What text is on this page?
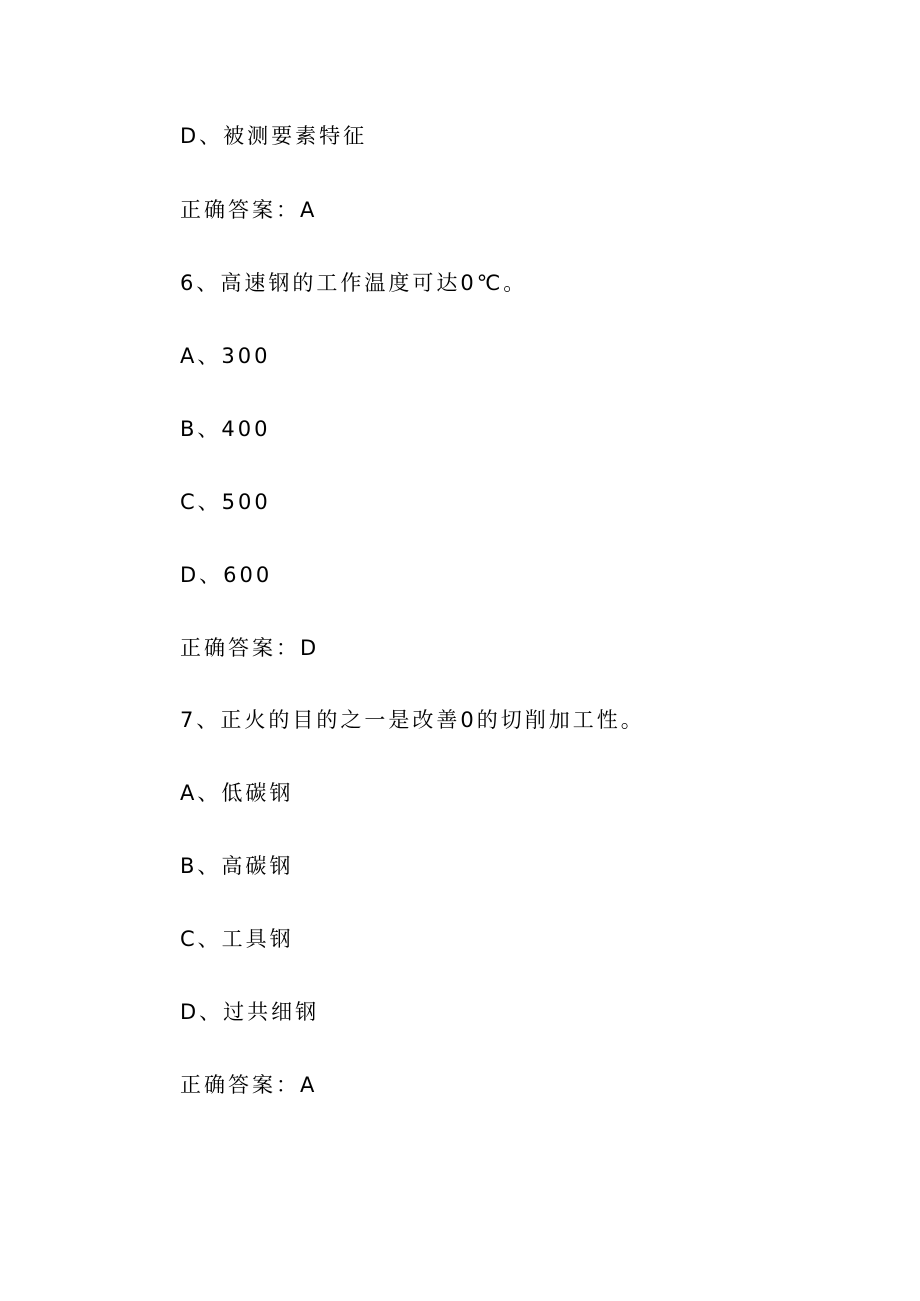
D、被测要素特征
正确答案：A
6、高速钢的工作温度可达0℃。
A、300
B、400
C、500
D、600
正确答案：D
7、正火的目的之一是改善0的切削加工性。
A、低碳钢
B、高碳钢
C、工具钢
D、过共细钢
正确答案：A
